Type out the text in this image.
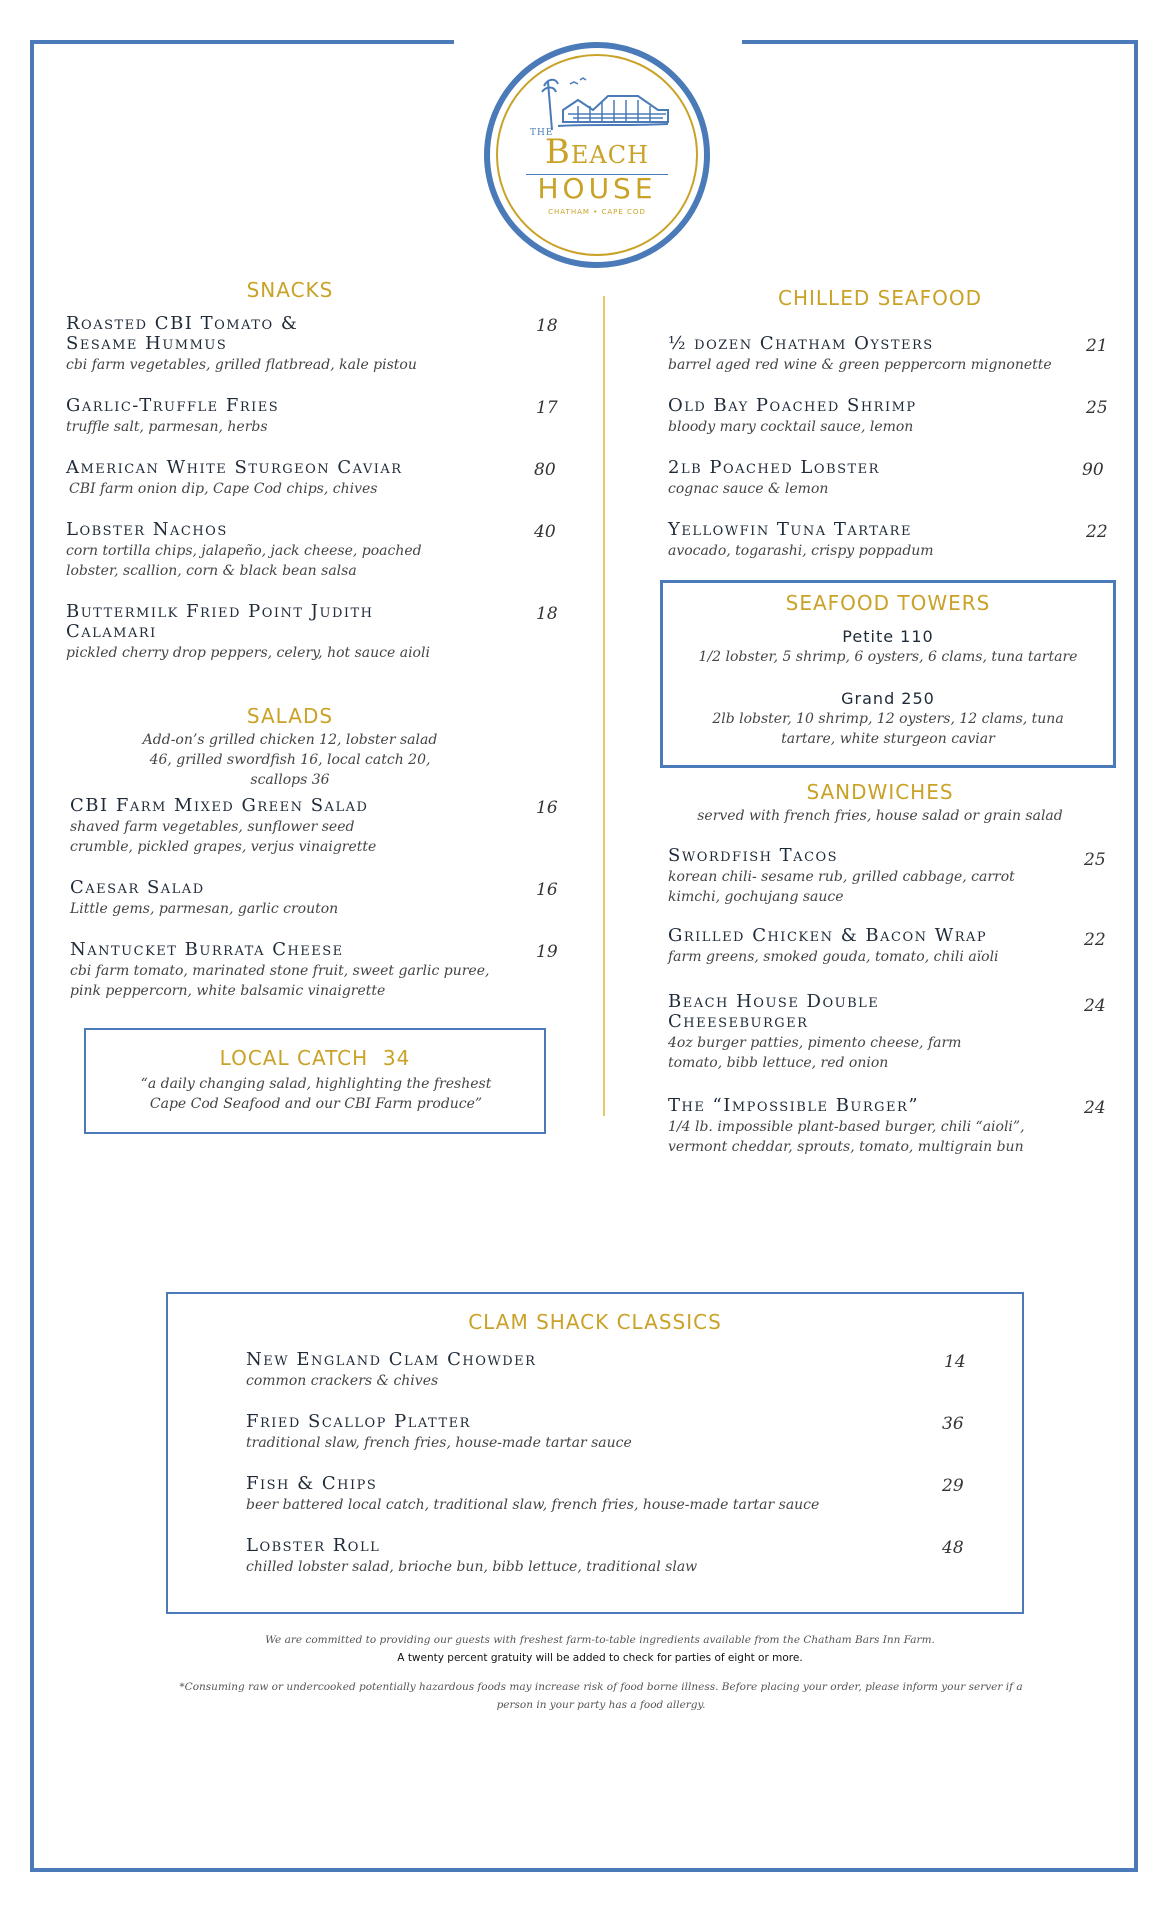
THE
Beach
HOUSE
CHATHAM • CAPE COD
SNACKS
Roasted CBI Tomato & Sesame Hummus
cbi farm vegetables, grilled flatbread, kale pistou
18
Garlic-Truffle Fries
truffle salt, parmesan, herbs
17
American White Sturgeon Caviar
CBI farm onion dip, Cape Cod chips, chives
80
Lobster Nachos
corn tortilla chips, jalapeño, jack cheese, poached lobster, scallion, corn & black bean salsa
40
Buttermilk Fried Point Judith Calamari
pickled cherry drop peppers, celery, hot sauce aioli
18
SALADS
Add-on’s grilled chicken 12, lobster salad 46, grilled swordfish 16, local catch 20, scallops 36
CBI Farm Mixed Green Salad
shaved farm vegetables, sunflower seed crumble, pickled grapes, verjus vinaigrette
16
Caesar Salad
Little gems, parmesan, garlic crouton
16
Nantucket Burrata Cheese
cbi farm tomato, marinated stone fruit, sweet garlic puree, pink peppercorn, white balsamic vinaigrette
19
LOCAL CATCH 34
“a daily changing salad, highlighting the freshest Cape Cod Seafood and our CBI Farm produce”
CHILLED SEAFOOD
½ dozen Chatham Oysters
barrel aged red wine & green peppercorn mignonette
21
Old Bay Poached Shrimp
bloody mary cocktail sauce, lemon
25
2lb Poached Lobster
cognac sauce & lemon
90
Yellowfin Tuna Tartare
avocado, togarashi, crispy poppadum
22
SEAFOOD TOWERS
Petite 110
1/2 lobster, 5 shrimp, 6 oysters, 6 clams, tuna tartare
Grand 250
2lb lobster, 10 shrimp, 12 oysters, 12 clams, tuna tartare, white sturgeon caviar
SANDWICHES
served with french fries, house salad or grain salad
Swordfish Tacos
korean chili- sesame rub, grilled cabbage, carrot kimchi, gochujang sauce
25
Grilled Chicken & Bacon Wrap
farm greens, smoked gouda, tomato, chili aïoli
22
Beach House Double Cheeseburger
4oz burger patties, pimento cheese, farm tomato, bibb lettuce, red onion
24
The “Impossible Burger”
1/4 lb. impossible plant-based burger, chili “aioli”, vermont cheddar, sprouts, tomato, multigrain bun
24
CLAM SHACK CLASSICS
New England Clam Chowder
common crackers & chives
14
Fried Scallop Platter
traditional slaw, french fries, house-made tartar sauce
36
Fish & Chips
beer battered local catch, traditional slaw, french fries, house-made tartar sauce
29
Lobster Roll
chilled lobster salad, brioche bun, bibb lettuce, traditional slaw
48
We are committed to providing our guests with freshest farm-to-table ingredients available from the Chatham Bars Inn Farm.
A twenty percent gratuity will be added to check for parties of eight or more.
*Consuming raw or undercooked potentially hazardous foods may increase risk of food borne illness. Before placing your order, please inform your server if a person in your party has a food allergy.
